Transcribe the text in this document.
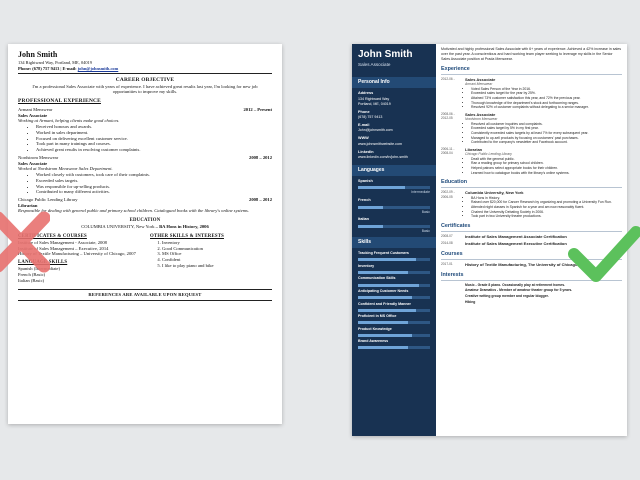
John Smith
134 Rightward Way, Portland, ME, 04019
Phone: (678) 757 9413 | E-mail: john@johnsmith.com
CAREER OBJECTIVE
I'm a professional Sales Associate with years of experience. I have achieved great results last year, I'm looking for new job opportunities to improve my skills.
PROFESSIONAL EXPERIENCE
Armani Menswear	2012 – Present
Sales Associate
Working at Armani, helping clients make good choices.
• Received honours and awards.
• Worked in sales department.
• Focused on delivering excellent customer service.
• Took part in many trainings and courses.
• Achieved great results in resolving customer complaints.
Nordstrom Menswear	2008 – 2012
Sales Associate
Worked at Nordstrom Menswear Sales Department.
• Worked closely with customers, took care of their complaints.
• Exceeded sales targets.
• Was responsible for up-selling products.
• Contributed to many different activities.
Chicago Public Lending Library	2008 – 2012
Librarian
Responsible for dealing with general public and primary school children. Catalogued books with the library's online systems.
EDUCATION
COLUMBIA UNIVERSITY, New York – BA Hons in History, 2006
CERTIFICATES & COURSES
Institute of Sales Management - Associate, 2008
Institute of Sales Management – Executive, 2014
History of Textile Manufacturing – University of Chicago, 2007
LANGUAGE SKILLS
Spanish (Intermediate)
French (Basic)
Italian (Basic)
OTHER SKILLS & INTERESTS
1. Inventory
2. Good Communication
3. MS Office
4. Confident
5. I like to play piano and bike
REFERENCES ARE AVAILABLE UPON REQUEST
John Smith
Sales Associate
Personal Info
Address
134 Rightward Way
Portland, ME, 04019
Phone
(678) 757 9413
E-mail
John@johnsmith.com
WWW
www.johnsmithwebsite.com
LinkedIn
www.linkedin.com/in/john-smith
Languages
Spanish
Intermediate
French
Basic
Italian
Basic
Skills
Tracking Frequent Customers
Inventory
Communication Skills
Anticipating Customer Needs
Confident and Friendly Manner
Proficient in MS Office
Product Knowledge
Brand Awareness
Motivated and highly professional Sales Associate with 6+ years of experience. Achieved a 42% increase in sales over the past year. A conscientious and hard working team player seeking to leverage my skills in the Senior Sales Associate position at Prada Menswear.
Experience
2012-06 -	Sales Associate
Armani Menswear
• Voted Sales Person of the Year in 2016.
• Exceeded sales target for the year by 25%.
• Attained 73% customer satisfaction this year, and 72% the previous year.
• Thorough knowledge of the department's stock and forthcoming ranges.
• Resolved 92% of customer complaints without delegating to a senior manager.
2008-06 -
2012-05
Sales Associate
Nordstrom Menswear
• Resolved all customer inquiries and complaints.
• Exceeded sales target by 5% in my first year.
• Consistently exceeded sales targets by at least 7% for every subsequent year.
• Managed to up-sell products by focusing on customers' past purchases.
• Contributed to the company's newsletter and Facebook account.
2006-11 -
2008-04
Librarian
Chicago Public Lending Library
• Dealt with the general public.
• Ran a reading group for primary school children.
• Helped patrons select appropriate books for their children.
• Learned how to catalogue books with the library's online systems.
Education
2002-09 -
2006-05
Columbia University, New York
• BA Hons in History.
• Raised over $20,000 for Cancer Research by organizing and promoting a University Fun Run.
• Attended night classes in Spanish for a year and am now reasonably fluent.
• Chaired the University Debating Society in 2006.
• Took part in two University theatre productions.
Certificates
2008-07	Institute of Sales Management Associate Certification
2014-08	Institute of Sales Management Executive Certification
Courses
2017-01	History of Textile Manufacturing, The University of Chicago
Interests
Music - Grade 8 piano. Occasionally play at retirement homes.
Amateur Dramatics - Member of amateur theater group for 5 years.
Creative writing group member and regular blogger.
Hiking
